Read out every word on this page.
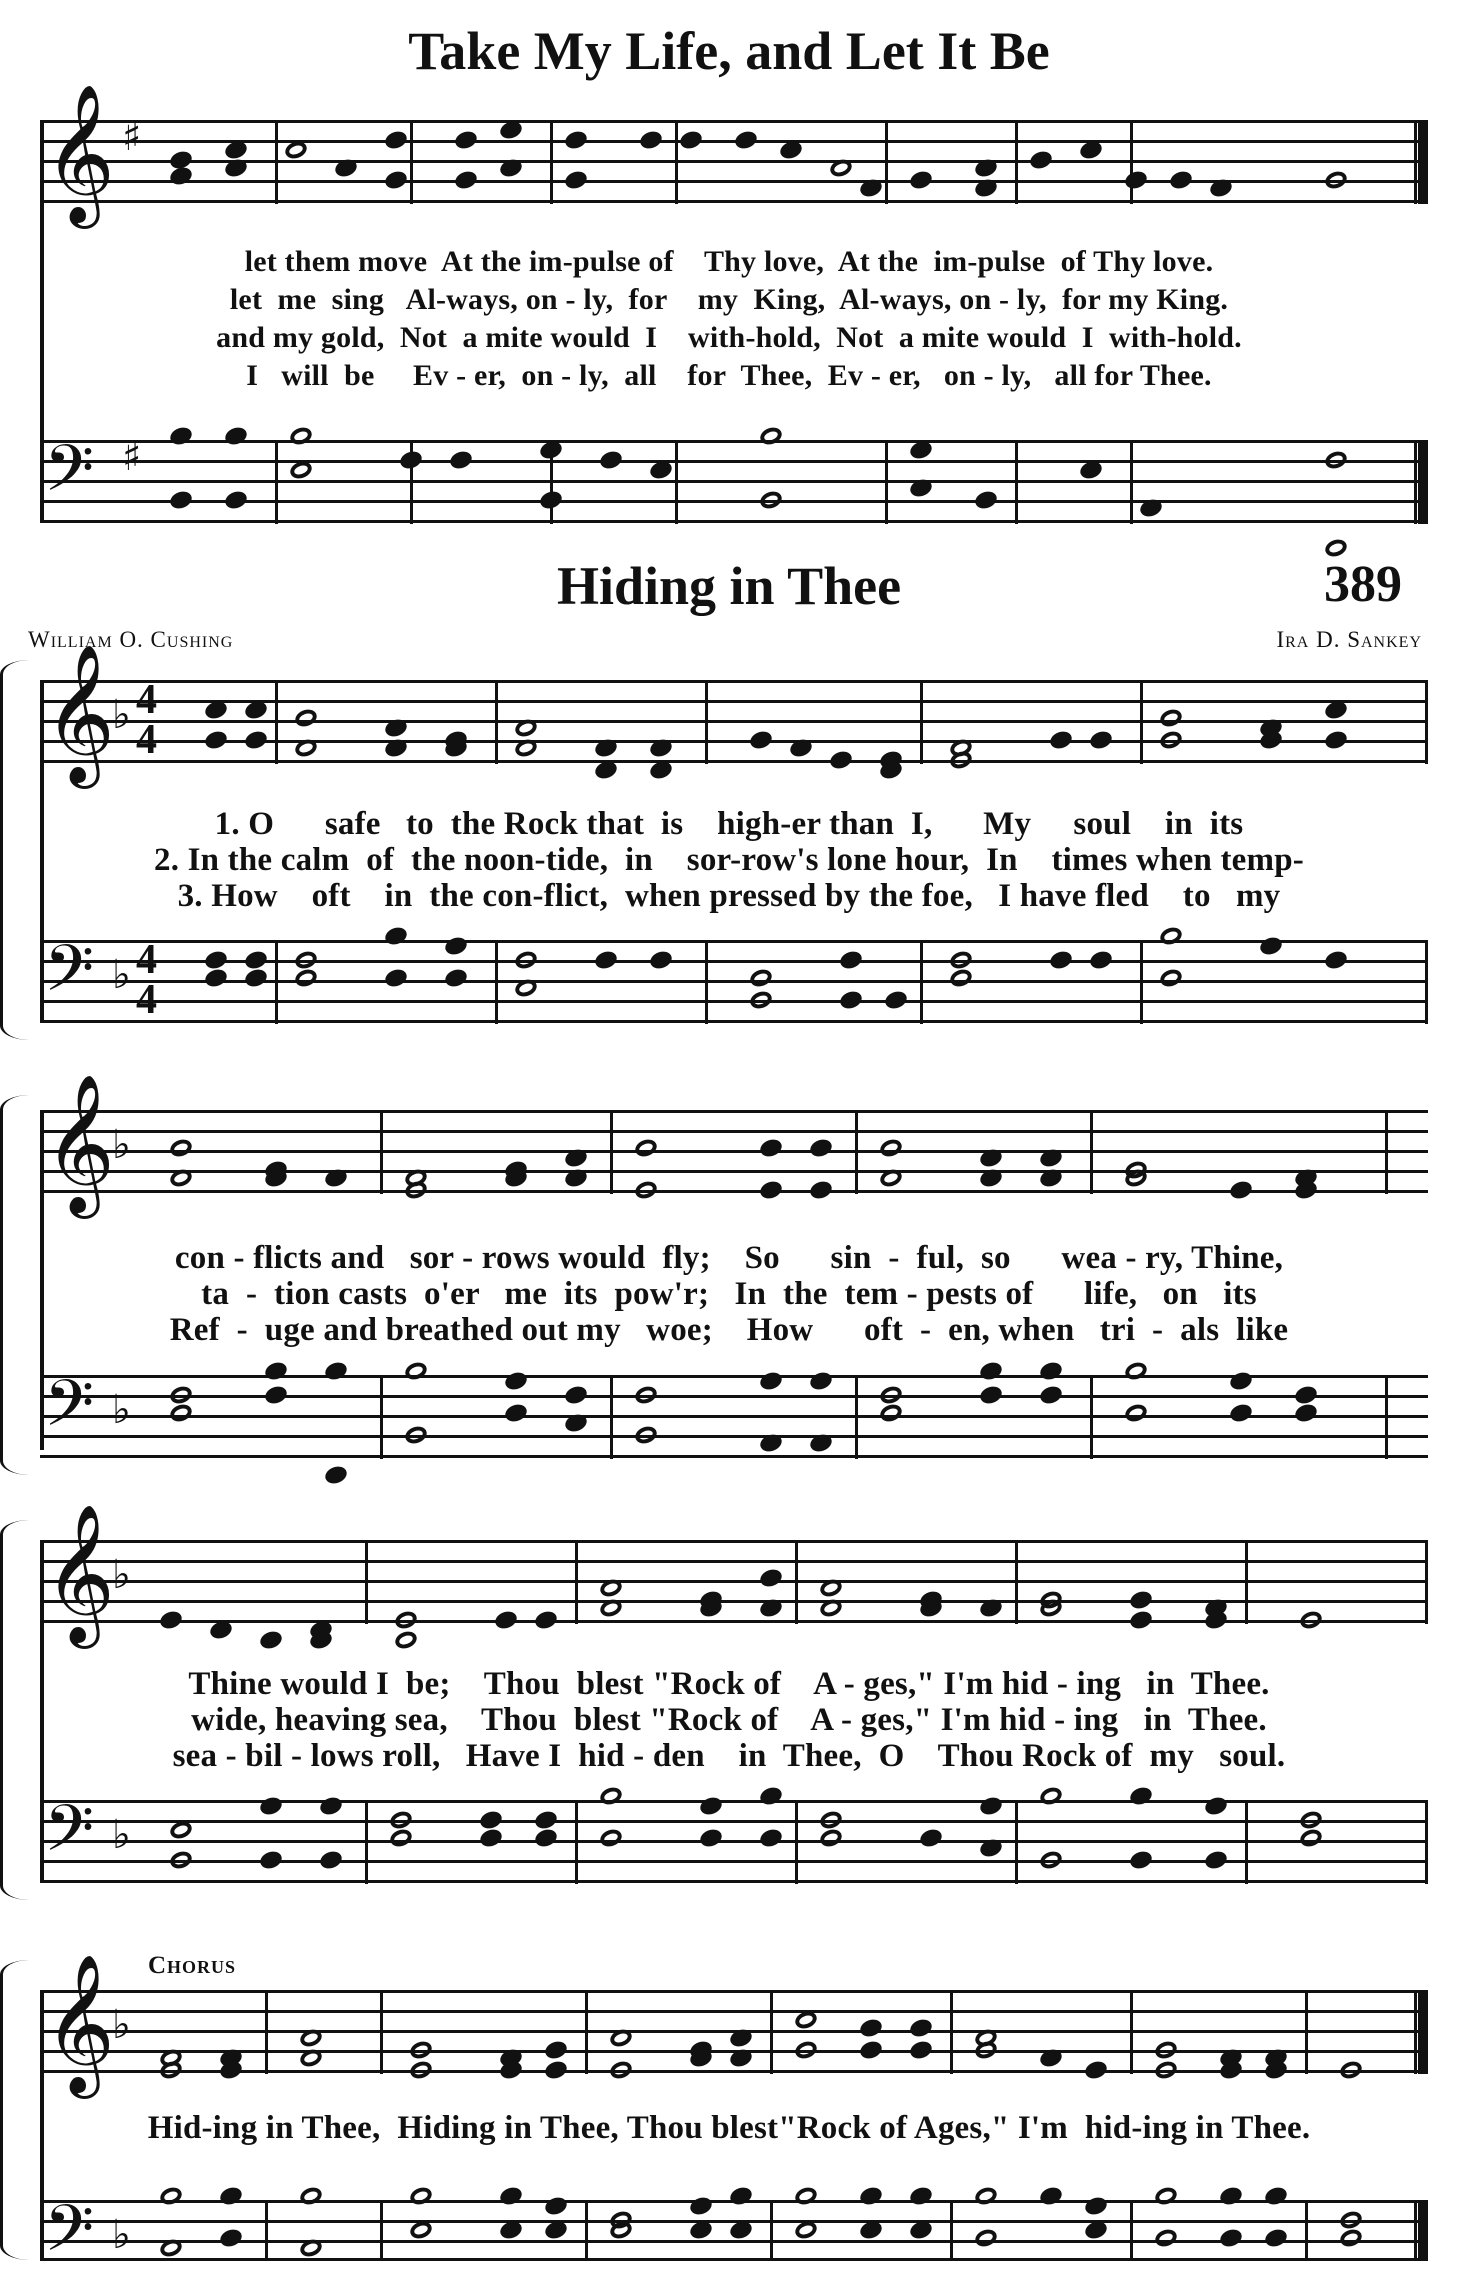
Take My Life, and Let It Be
𝄞 ♯
let them move  At the im-pulse of    Thy love,  At the  im-pulse  of Thy love.
let  me  sing   Al-ways, on - ly,  for    my  King,  Al-ways, on - ly,  for my King.
and my gold,  Not  a mite would  I    with-hold,  Not  a mite would  I  with-hold.
I   will  be     Ev - er,  on - ly,  all    for  Thee,  Ev - er,   on - ly,   all for Thee.
𝄢 ♯
Hiding in Thee	389
William O. Cushing	Ira D. Sankey
𝄞
♭ 4
4
1. O      safe   to  the Rock that  is    high-er than  I,      My     soul    in  its
2. In the calm  of  the noon-tide,  in    sor-row's lone hour,  In    times when temp-
3. How    oft    in  the con-flict,  when pressed by the foe,   I have fled    to   my
𝄢 ♭ 4
4
𝄞
♭
con - flicts and   sor - rows would  fly;    So      sin  -  ful,  so      wea - ry, Thine,
ta  -  tion casts  o'er   me  its  pow'r;   In  the  tem - pests of      life,   on   its
Ref  -  uge and breathed out my   woe;    How      oft  -  en, when   tri  -  als  like
𝄢 ♭
𝄞
♭
Thine would I  be;    Thou  blest "Rock of    A - ges," I'm hid - ing   in  Thee.
wide, heaving sea,    Thou  blest "Rock of    A - ges," I'm hid - ing   in  Thee.
sea - bil - lows roll,   Have I  hid - den    in  Thee,  O    Thou Rock of  my   soul.
𝄢 ♭
Chorus
𝄞
♭
Hid-ing in Thee,  Hiding in Thee, Thou blest"Rock of Ages," I'm  hid-ing in Thee.
𝄢 ♭
